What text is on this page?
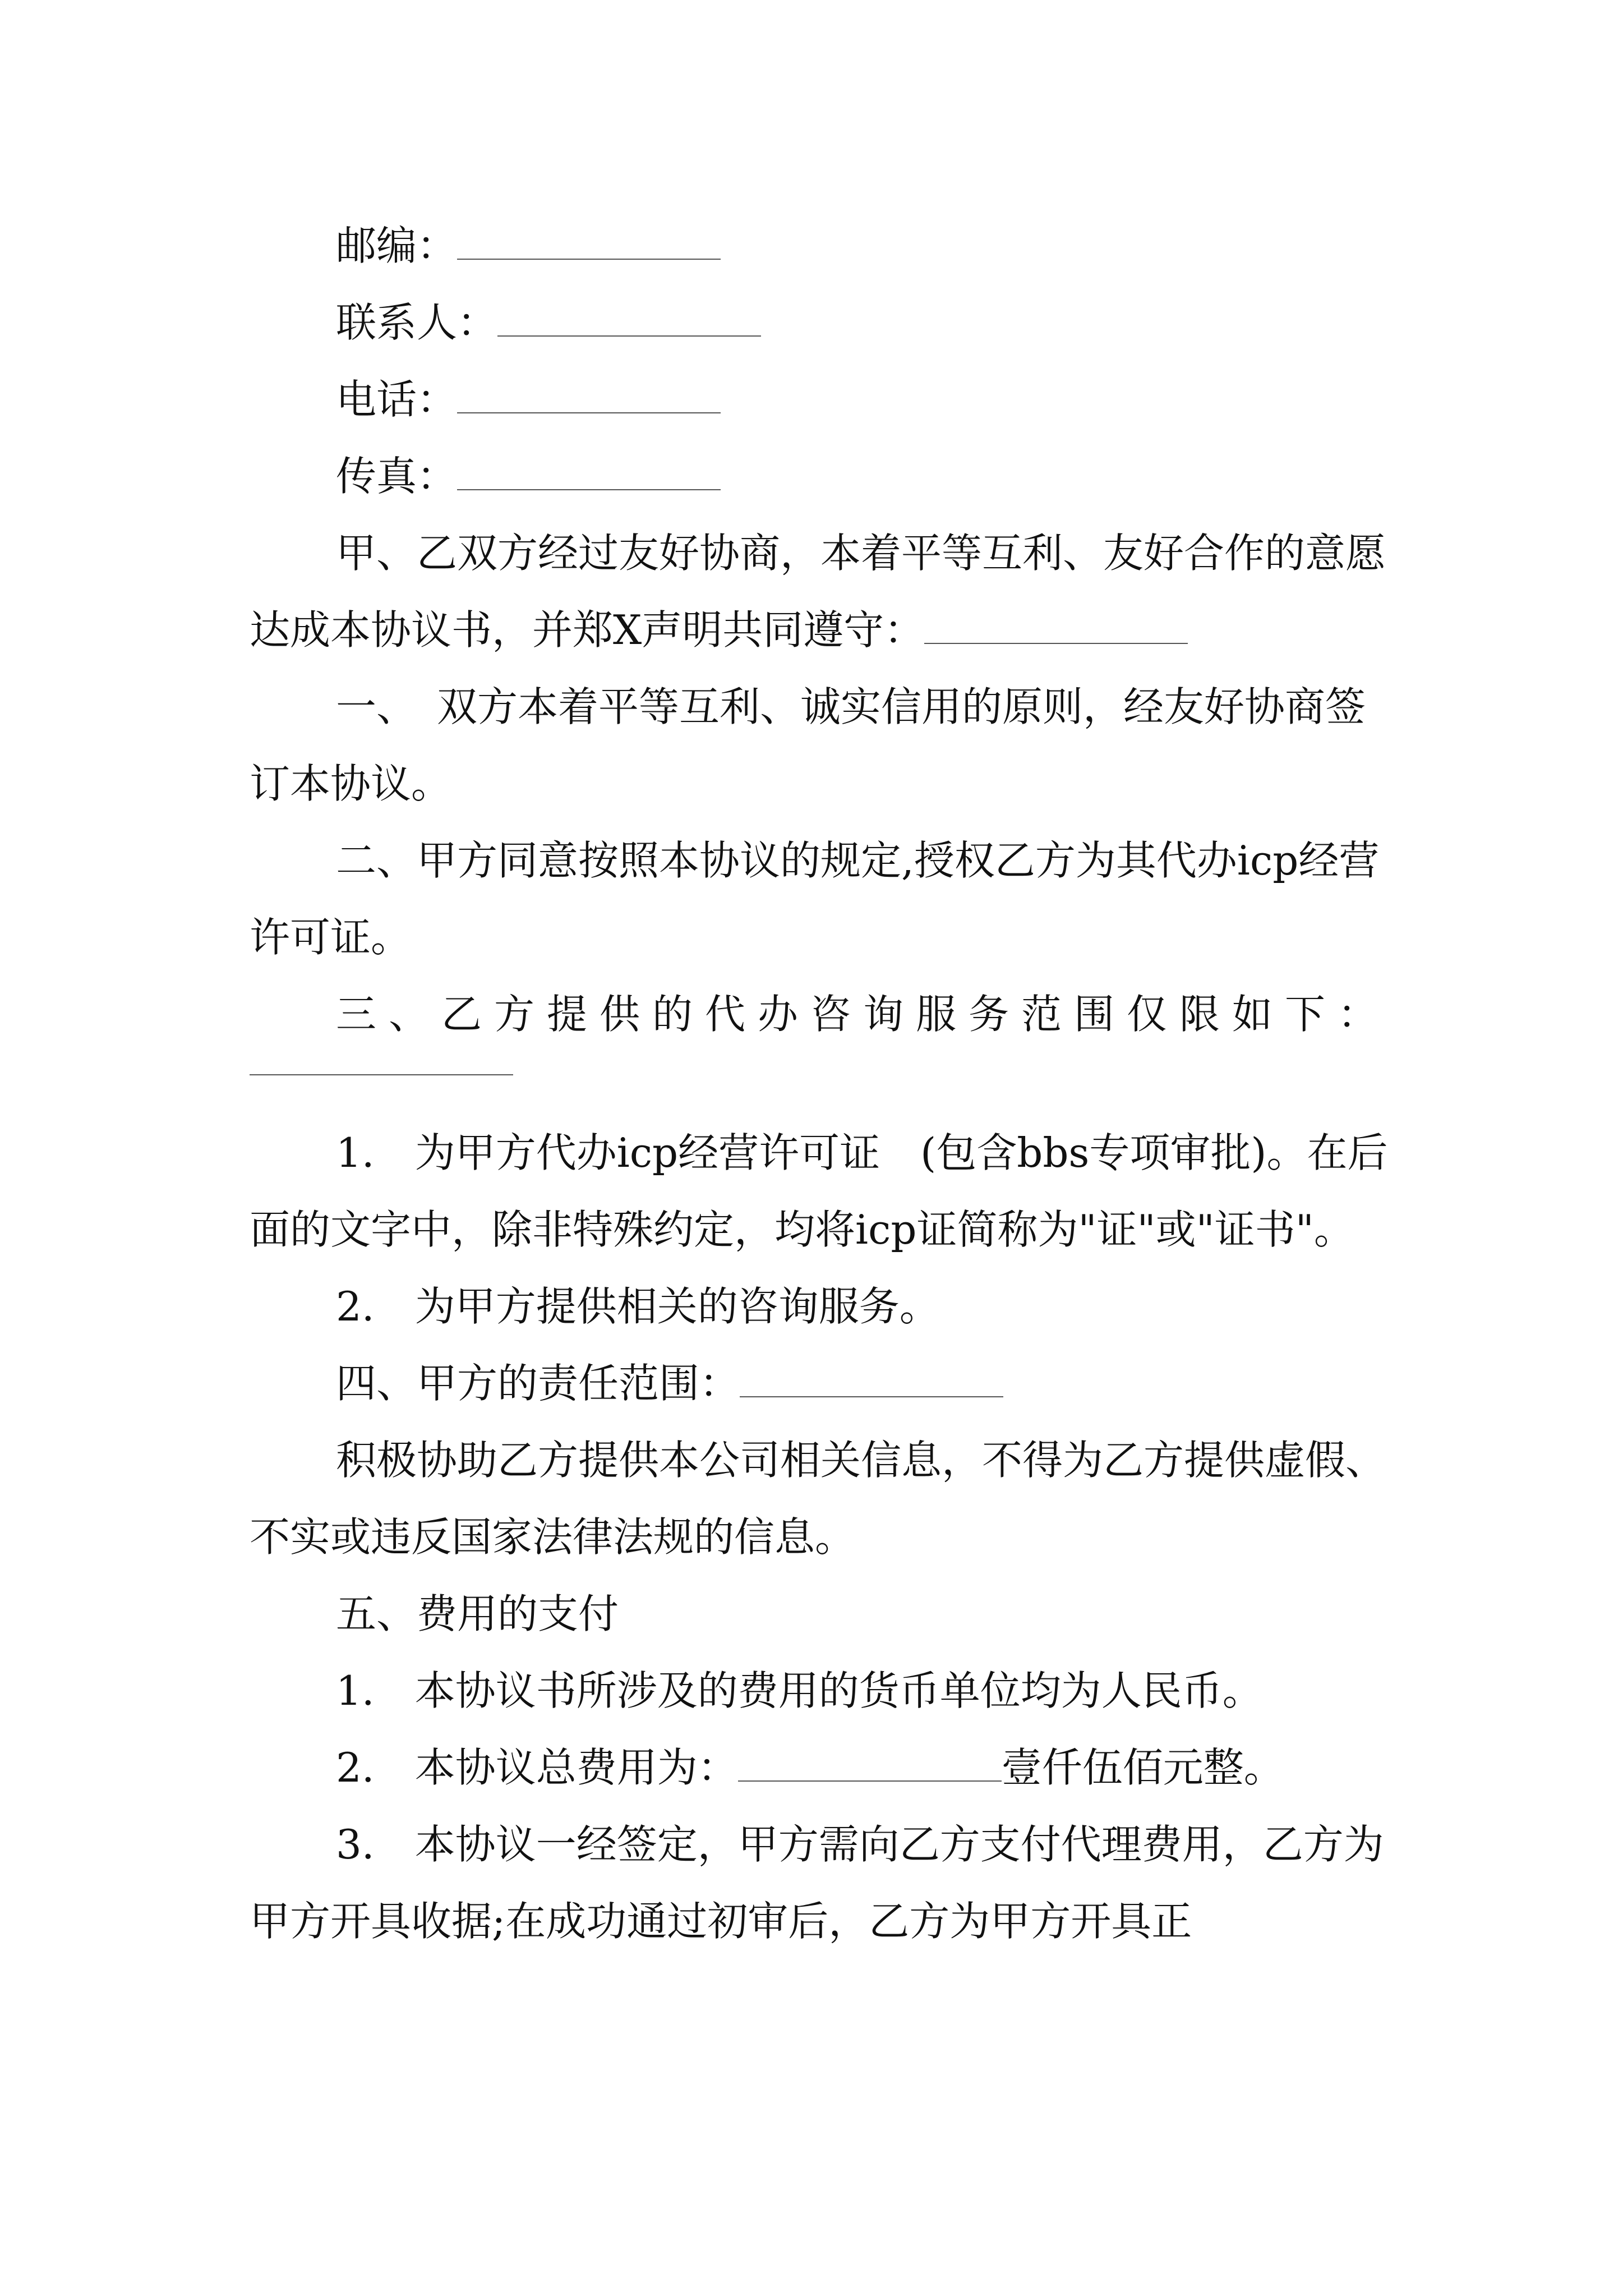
邮编：

联系人：

电话：

传真：

甲、乙双方经过友好协商，本着平等互利、友好合作的意愿达成本协议书，并郑X声明共同遵守：

一、　双方本着平等互利、诚实信用的原则，经友好协商签订本协议。

二、甲方同意按照本协议的规定,授权乙方为其代办icp经营许可证。

三、乙方提供的代办咨询服务范围仅限如下：

1.　为甲方代办icp经营许可证　(包含bbs专项审批)。在后面的文字中，除非特殊约定，均将icp证简称为"证"或"证书"。

2.　为甲方提供相关的咨询服务。

四、甲方的责任范围：

积极协助乙方提供本公司相关信息，不得为乙方提供虚假、不实或违反国家法律法规的信息。

五、费用的支付

1.　本协议书所涉及的费用的货币单位均为人民币。

2.　本协议总费用为：	壹仟伍佰元整。

3.　本协议一经签定，甲方需向乙方支付代理费用，乙方为甲方开具收据;在成功通过初审后，乙方为甲方开具正
